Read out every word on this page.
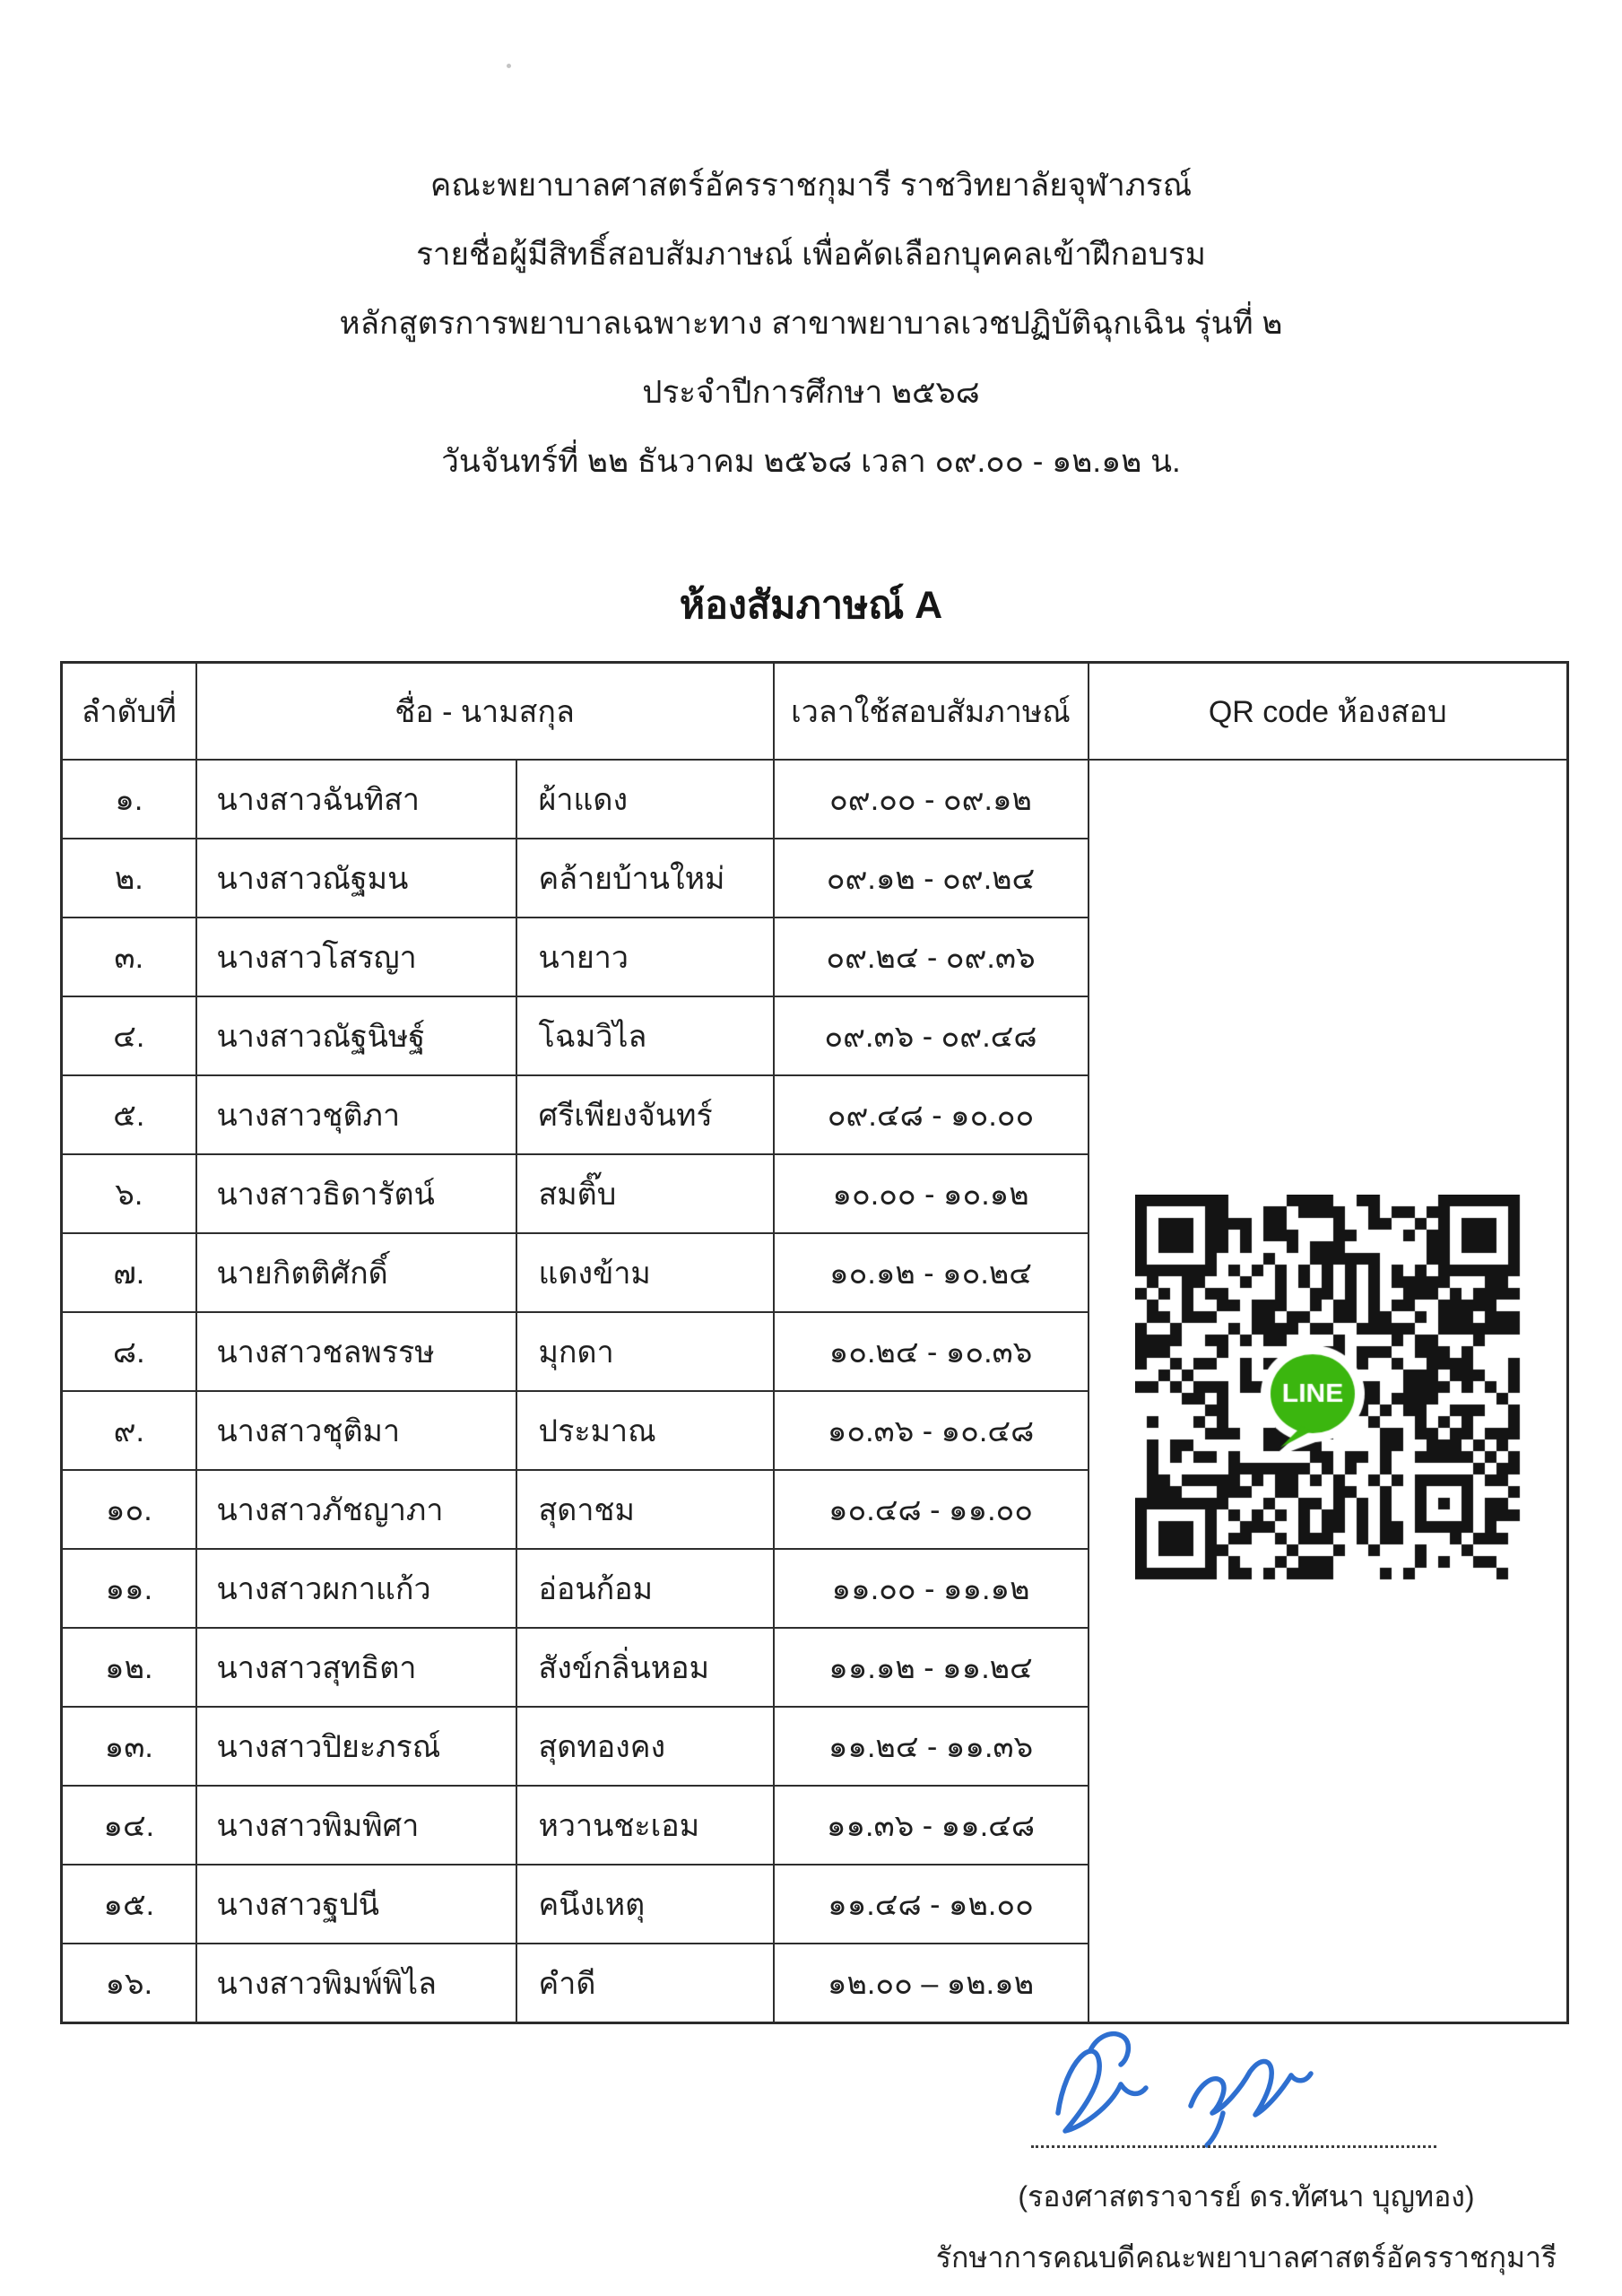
คณะพยาบาลศาสตร์อัครราชกุมารี ราชวิทยาลัยจุฬาภรณ์
รายชื่อผู้มีสิทธิ์สอบสัมภาษณ์ เพื่อคัดเลือกบุคคลเข้าฝึกอบรม
หลักสูตรการพยาบาลเฉพาะทาง สาขาพยาบาลเวชปฏิบัติฉุกเฉิน รุ่นที่ ๒
ประจำปีการศึกษา ๒๕๖๘
วันจันทร์ที่ ๒๒ ธันวาคม ๒๕๖๘ เวลา ๐๙.๐๐ - ๑๒.๑๒ น.
ห้องสัมภาษณ์ A
ลำดับที่	ชื่อ - นามสกุล		เวลาใช้สอบสัมภาษณ์	QR code ห้องสอบ
๑.	นางสาวฉันทิสา	ผ้าแดง	๐๙.๐๐ - ๐๙.๑๒	
๒.	นางสาวณัฐมน	คล้ายบ้านใหม่	๐๙.๑๒ - ๐๙.๒๔	
๓.	นางสาวโสรญา	นายาว	๐๙.๒๔ - ๐๙.๓๖	
๔.	นางสาวณัฐนิษฐ์	โฉมวิไล	๐๙.๓๖ - ๐๙.๔๘	
๕.	นางสาวชุติภา	ศรีเพียงจันทร์	๐๙.๔๘ - ๑๐.๐๐	
๖.	นางสาวธิดารัตน์	สมติ๊บ	๑๐.๐๐ - ๑๐.๑๒	
๗.	นายกิตติศักดิ์	แดงข้าม	๑๐.๑๒ - ๑๐.๒๔	
๘.	นางสาวชลพรรษ	มุกดา	๑๐.๒๔ - ๑๐.๓๖	
๙.	นางสาวชุติมา	ประมาณ	๑๐.๓๖ - ๑๐.๔๘	
๑๐.	นางสาวภัชญาภา	สุดาชม	๑๐.๔๘ - ๑๑.๐๐	
๑๑.	นางสาวผกาแก้ว	อ่อนก้อม	๑๑.๐๐ - ๑๑.๑๒	
๑๒.	นางสาวสุทธิตา	สังข์กลิ่นหอม	๑๑.๑๒ - ๑๑.๒๔	
๑๓.	นางสาวปิยะภรณ์	สุดทองคง	๑๑.๒๔ - ๑๑.๓๖	
๑๔.	นางสาวพิมพิศา	หวานชะเอม	๑๑.๓๖ - ๑๑.๔๘	
๑๕.	นางสาวฐปนี	คนึงเหตุ	๑๑.๔๘ - ๑๒.๐๐	
๑๖.	นางสาวพิมพ์พิไล	คำดี	๑๒.๐๐ – ๑๒.๑๒	
(รองศาสตราจารย์ ดร.ทัศนา บุญทอง)
รักษาการคณบดีคณะพยาบาลศาสตร์อัครราชกุมารี
